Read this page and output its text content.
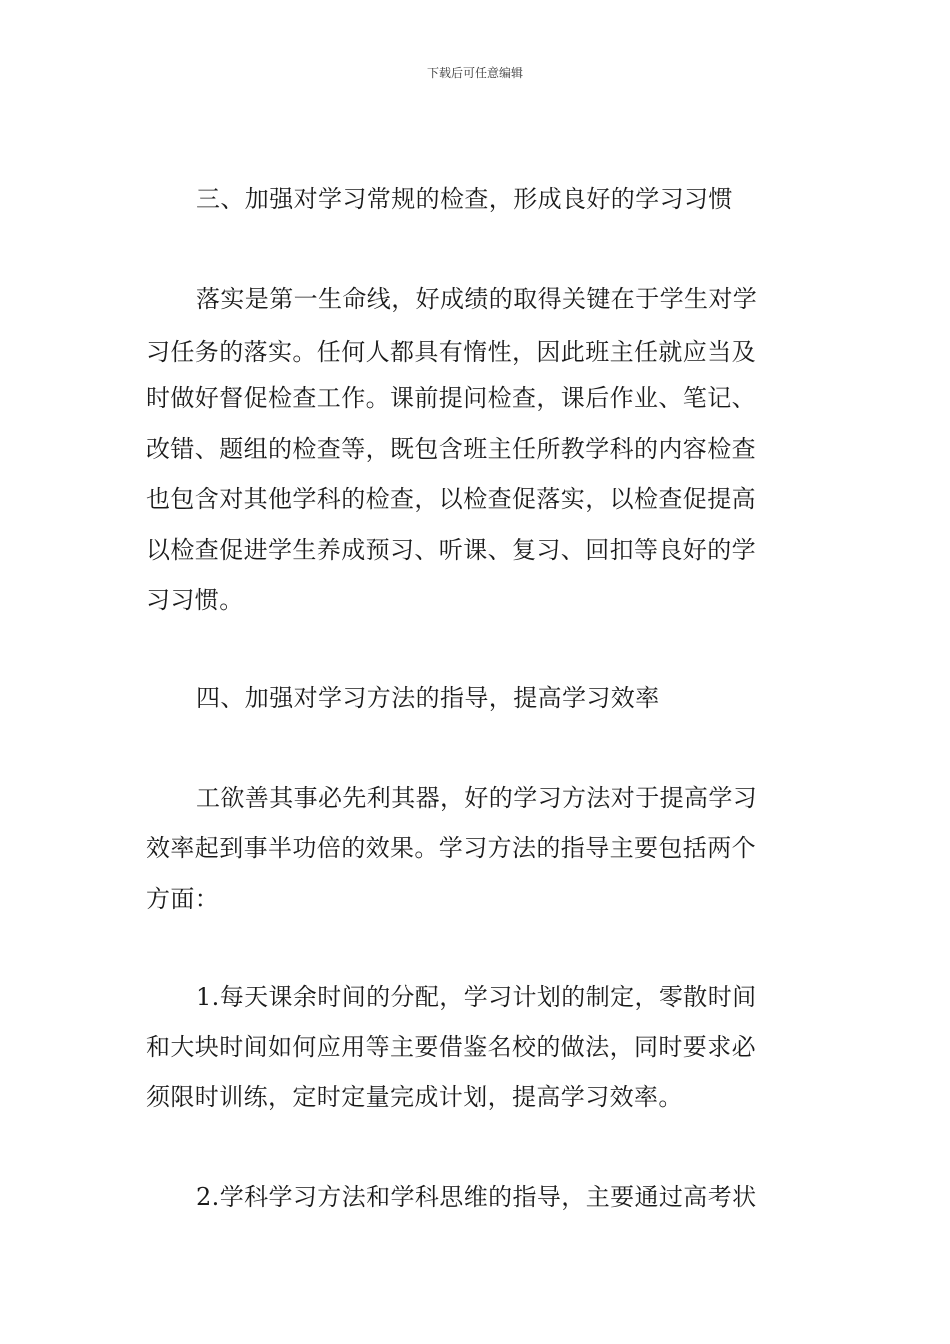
下载后可任意编辑
三、加强对学习常规的检查，形成良好的学习习惯
落实是第一生命线，好成绩的取得关键在于学生对学
习任务的落实。任何人都具有惰性，因此班主任就应当及
时做好督促检查工作。课前提问检查，课后作业、笔记、
改错、题组的检查等，既包含班主任所教学科的内容检查
也包含对其他学科的检查，以检查促落实，以检查促提高
以检查促进学生养成预习、听课、复习、回扣等良好的学
习习惯。
四、加强对学习方法的指导，提高学习效率
工欲善其事必先利其器，好的学习方法对于提高学习
效率起到事半功倍的效果。学习方法的指导主要包括两个
方面：
1.每天课余时间的分配，学习计划的制定，零散时间
和大块时间如何应用等主要借鉴名校的做法，同时要求必
须限时训练，定时定量完成计划，提高学习效率。
2.学科学习方法和学科思维的指导，主要通过高考状
